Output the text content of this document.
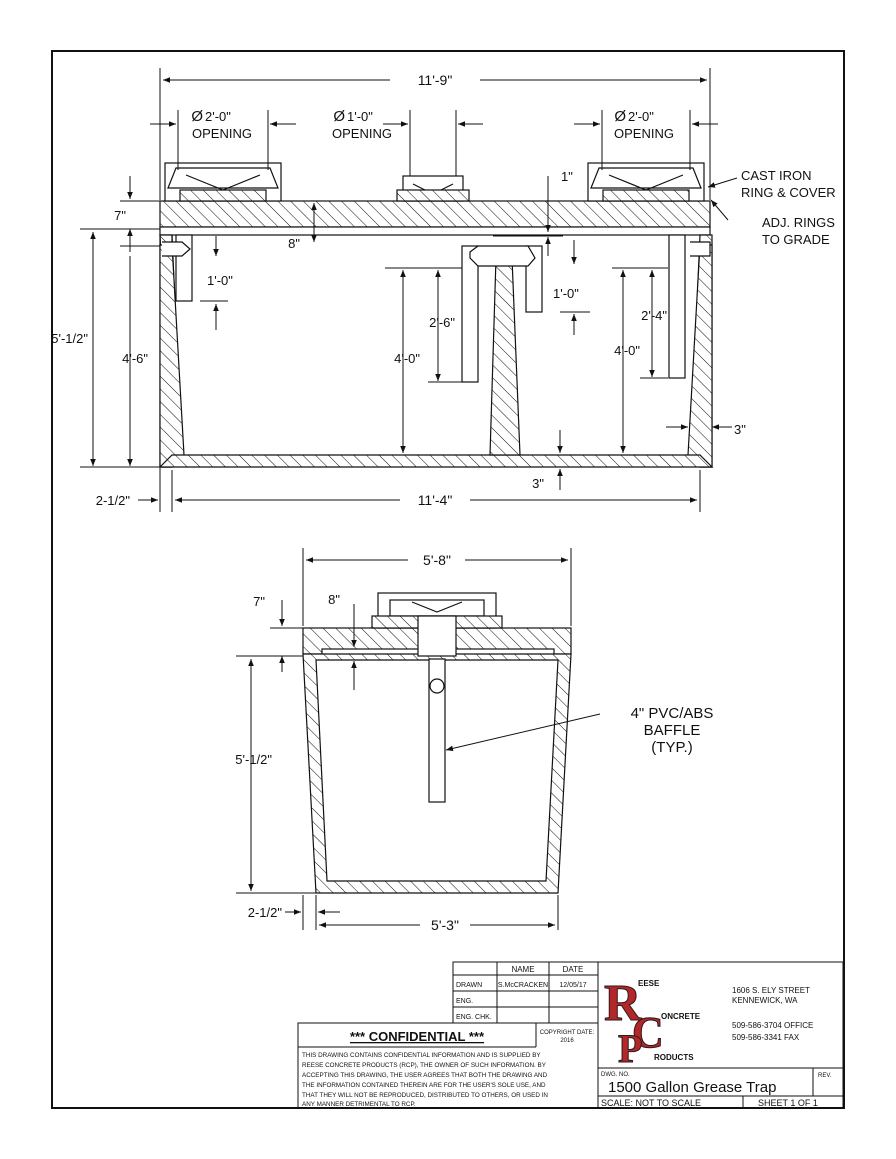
11'-9"
Ø 2'-0"
OPENING
Ø 1'-0"
OPENING
Ø 2'-0"
OPENING
CAST IRON
RING & COVER
ADJ. RINGS
TO GRADE
7"
8"
1"
5'-1/2"
4'-6"
1'-0"
2'-6"
4'-0"
1'-0"
2'-4"
4'-0"
3"
3"
2-1/2"	11'-4"
5'-8"
7"	8"
5'-1/2"
4" PVC/ABS
BAFFLE
(TYP.)
2-1/2"
5'-3"
NAME	DATE
DRAWN S.McCRACKEN 12/05/17
ENG.
ENG. CHK.
*** CONFIDENTIAL ***	COPYRIGHT DATE:
2016
THIS DRAWING CONTAINS CONFIDENTIAL INFORMATION AND IS SUPPLIED BY
REESE CONCRETE PRODUCTS (RCP), THE OWNER OF SUCH INFORMATION. BY
ACCEPTING THIS DRAWING, THE USER AGREES THAT BOTH THE DRAWING AND
THE INFORMATION CONTAINED THEREIN ARE FOR THE USER'S SOLE USE, AND
THAT THEY WILL NOT BE REPRODUCED, DISTRIBUTED TO OTHERS, OR USED IN
ANY MANNER DETRIMENTAL TO RCP.
R
C
P
EESE
ONCRETE
RODUCTS
1606 S. ELY STREET
KENNEWICK, WA
509-586-3704 OFFICE
509-586-3341 FAX
DWG. NO.	REV.
1500 Gallon Grease Trap
SCALE: NOT TO SCALE	SHEET 1 OF 1
